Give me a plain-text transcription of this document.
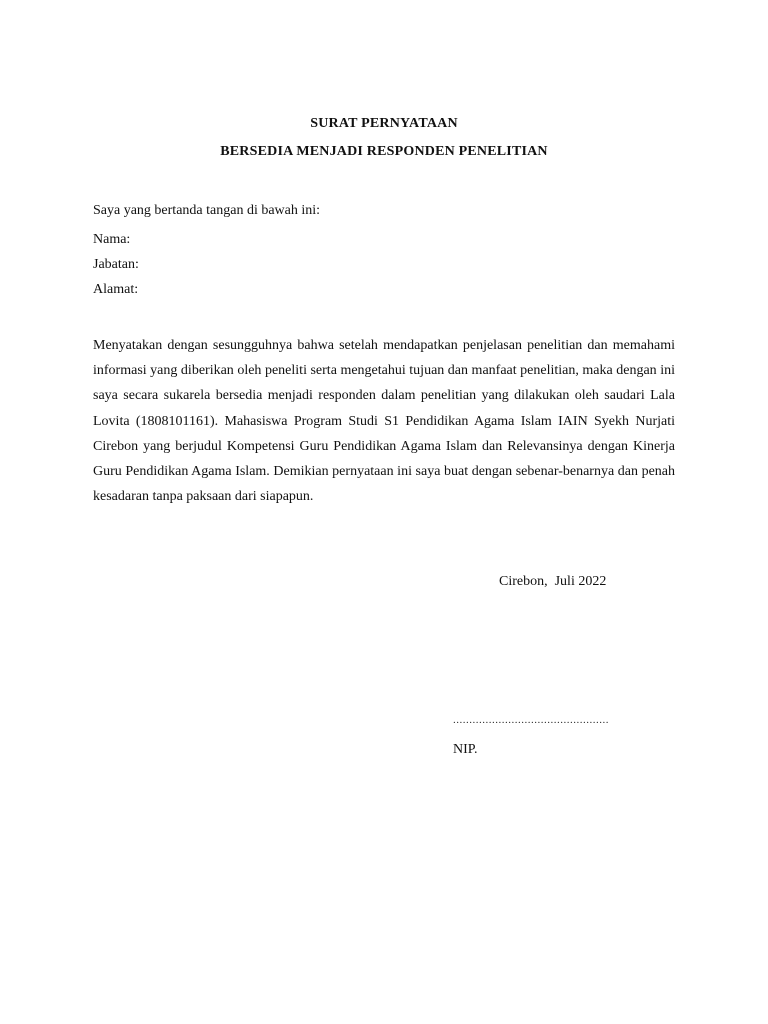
SURAT PERNYATAAN
BERSEDIA MENJADI RESPONDEN PENELITIAN
Saya yang bertanda tangan di bawah ini:
Nama:
Jabatan:
Alamat:

Menyatakan dengan sesungguhnya bahwa setelah mendapatkan penjelasan penelitian dan memahami informasi yang diberikan oleh peneliti serta mengetahui tujuan dan manfaat penelitian, maka dengan ini saya secara sukarela bersedia menjadi responden dalam penelitian yang dilakukan oleh saudari Lala Lovita (1808101161). Mahasiswa Program Studi S1 Pendidikan Agama Islam IAIN Syekh Nurjati Cirebon yang berjudul Kompetensi Guru Pendidikan Agama Islam dan Relevansinya dengan Kinerja Guru Pendidikan Agama Islam. Demikian pernyataan ini saya buat dengan sebenar-benarnya dan penah kesadaran tanpa paksaan dari siapapun.

Cirebon,  Juli 2022
................................................
NIP.
